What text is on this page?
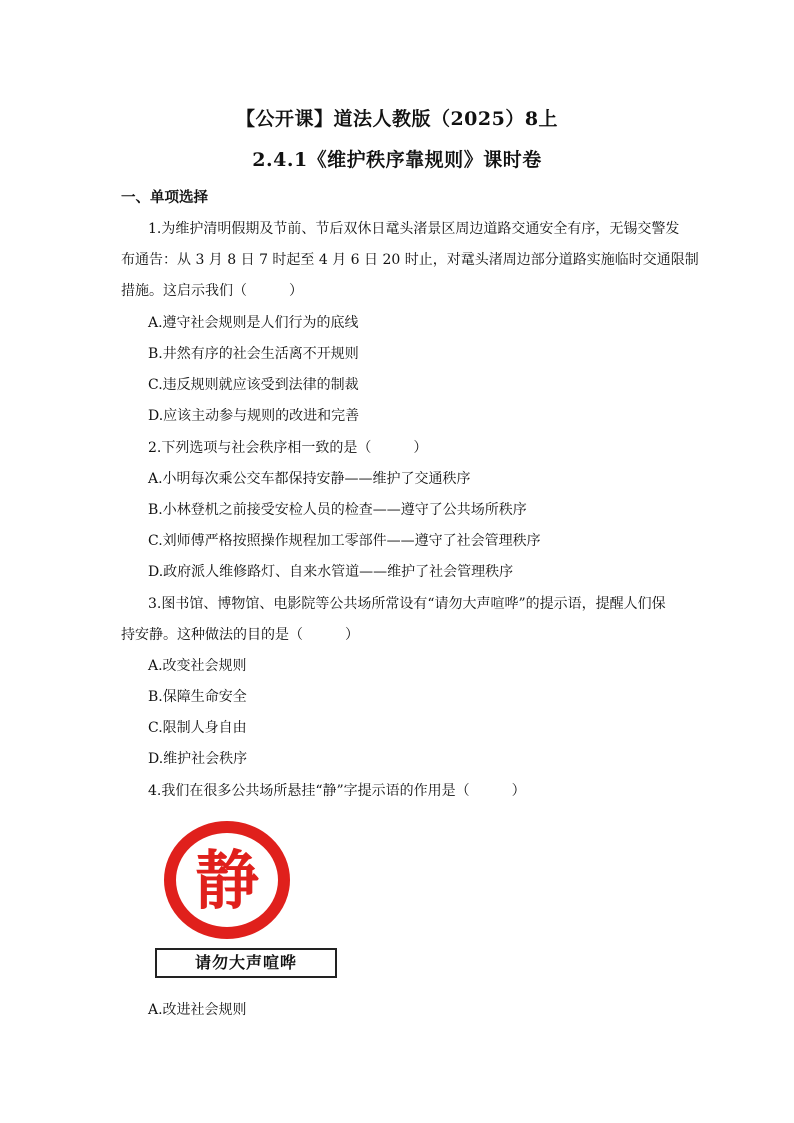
【公开课】道法人教版（2025）8上
2.4.1《维护秩序靠规则》课时卷
一、单项选择
1.为维护清明假期及节前、节后双休日鼋头渚景区周边道路交通安全有序，无锡交警发
布通告：从 3 月 8 日 7 时起至 4 月 6 日 20 时止，对鼋头渚周边部分道路实施临时交通限制
措施。这启示我们（　　　）
A.遵守社会规则是人们行为的底线
B.井然有序的社会生活离不开规则
C.违反规则就应该受到法律的制裁
D.应该主动参与规则的改进和完善
2.下列选项与社会秩序相一致的是（　　　）
A.小明每次乘公交车都保持安静——维护了交通秩序
B.小林登机之前接受安检人员的检查——遵守了公共场所秩序
C.刘师傅严格按照操作规程加工零部件——遵守了社会管理秩序
D.政府派人维修路灯、自来水管道——维护了社会管理秩序
3.图书馆、博物馆、电影院等公共场所常设有“请勿大声喧哗”的提示语，提醒人们保
持安静。这种做法的目的是（　　　）
A.改变社会规则
B.保障生命安全
C.限制人身自由
D.维护社会秩序
4.我们在很多公共场所悬挂“静”字提示语的作用是（　　　）
静
请勿大声喧哗
A.改进社会规则
